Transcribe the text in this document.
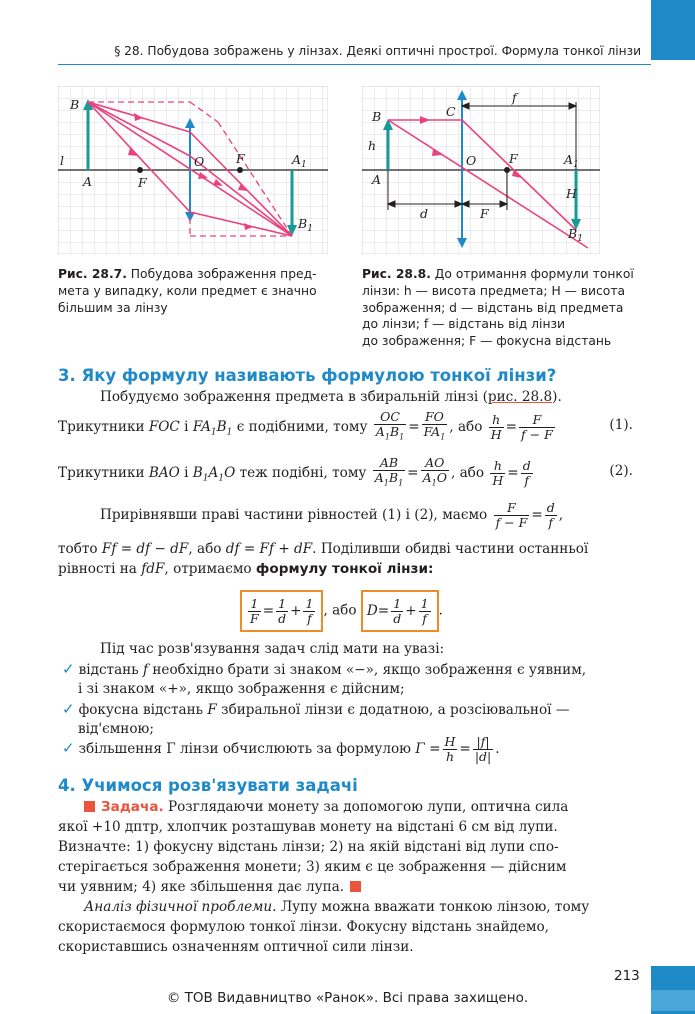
§ 28. Побудова зображень у лінзах. Деякі оптичні прострої. Формула тонкої лінзи
B
l
A
O
F
F	$A_1$
$B_1$
Рис. 28.7. Побудова зображення пред-
мета у випадку, коли предмет є значно
більшим за лінзу
B
h
A
C
f
O	F	$A_1$
H
d	F
$B_1$
Рис. 28.8. До отримання формули тонкої
лінзи: h — висота предмета; H — висота
зображення; d — відстань від предмета
до лінзи; f — відстань від лінзи
до зображення; F — фокусна відстань
3. Яку формулу називають формулою тонкої лінзи?
Побудуємо зображення предмета в збиральній лінзі (рис. 28.8).
Трикутники FOC і $FA_1B_1$ є подібними, тому $\frac{OC}{A_1B_1} = \frac{FO}{FA_1}$ , або $\frac{h}{H} = \frac{F}{f - F}$	(1).
Трикутники BAO і $B_1A_1O$ теж подібні, тому $\frac{AB}{A_1B_1} = \frac{AO}{A_1O}$ , або $\frac{h}{H} = \frac{d}{f}$	(2).
Прирівнявши праві частини рівностей (1) і (2), маємо $\frac{F}{f - F} = \frac{d}{f}$ ,
тобто Ff = df − dF, або df = Ff + dF. Поділивши обидві частини останньої
рівності на fdF, отримаємо формулу тонкої лінзи:
$\frac{1}{F} = \frac{1}{d} + \frac{1}{f}$ , або $D= \frac{1}{d} + \frac{1}{f}$ .
Під час розв'язування задач слід мати на увазі:
✓ відстань f необхідно брати зі знаком «−», якщо зображення є уявним,
і зі знаком «+», якщо зображення є дійсним;
✓ фокусна відстань F збиральної лінзи є додатною, а розсіювальної —
від'ємною;
✓ збільшення Γ лінзи обчислюють за формулою $\Gamma = \frac{H}{h} = \frac{|f|}{|d|}$ .
4. Учимося розв'язувати задачі
Задача. Розглядаючи монету за допомогою лупи, оптична сила
якої +10 дптр, хлопчик розташував монету на відстані 6 см від лупи.
Визначте: 1) фокусну відстань лінзи; 2) на якій відстані від лупи спо-
стерігається зображення монети; 3) яким є це зображення — дійсним
чи уявним; 4) яке збільшення дає лупа.
Аналіз фізичної проблеми. Лупу можна вважати тонкою лінзою, тому
скористаємося формулою тонкої лінзи. Фокусну відстань знайдемо,
скориставшись означенням оптичної сили лінзи.
213
© ТОВ Видавництво «Ранок». Всі права захищено.
